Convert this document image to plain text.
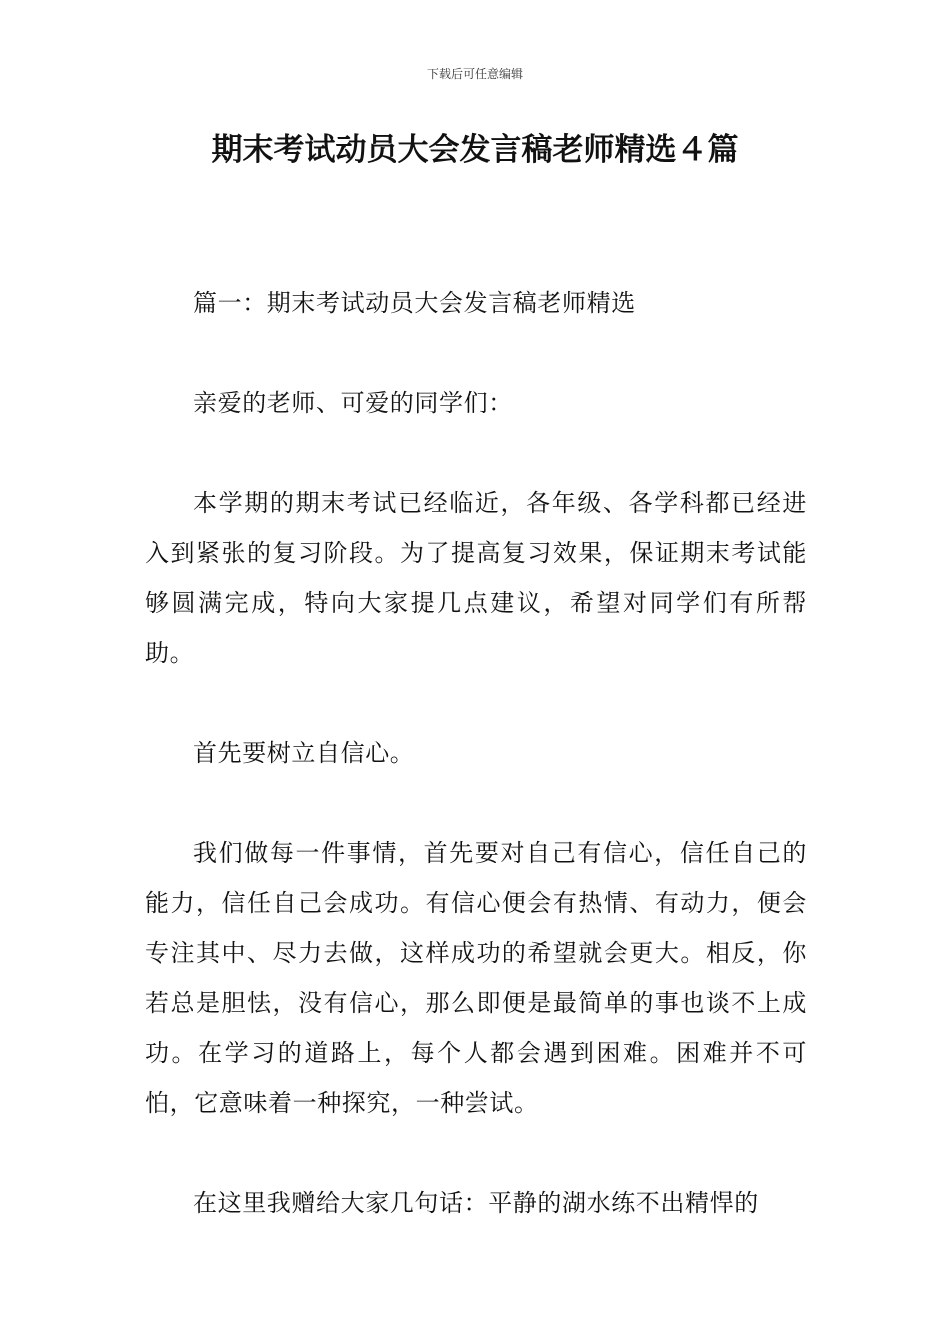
下载后可任意编辑
期末考试动员大会发言稿老师精选４篇

篇一：期末考试动员大会发言稿老师精选

亲爱的老师、可爱的同学们：

本学期的期末考试已经临近，各年级、各学科都已经进入到紧张的复习阶段。为了提高复习效果，保证期末考试能够圆满完成，特向大家提几点建议，希望对同学们有所帮助。

首先要树立自信心。

我们做每一件事情，首先要对自己有信心，信任自己的能力，信任自己会成功。有信心便会有热情、有动力，便会专注其中、尽力去做，这样成功的希望就会更大。相反，你若总是胆怯，没有信心，那么即便是最简单的事也谈不上成功。在学习的道路上，每个人都会遇到困难。困难并不可怕，它意味着一种探究，一种尝试。

在这里我赠给大家几句话：平静的湖水练不出精悍的
